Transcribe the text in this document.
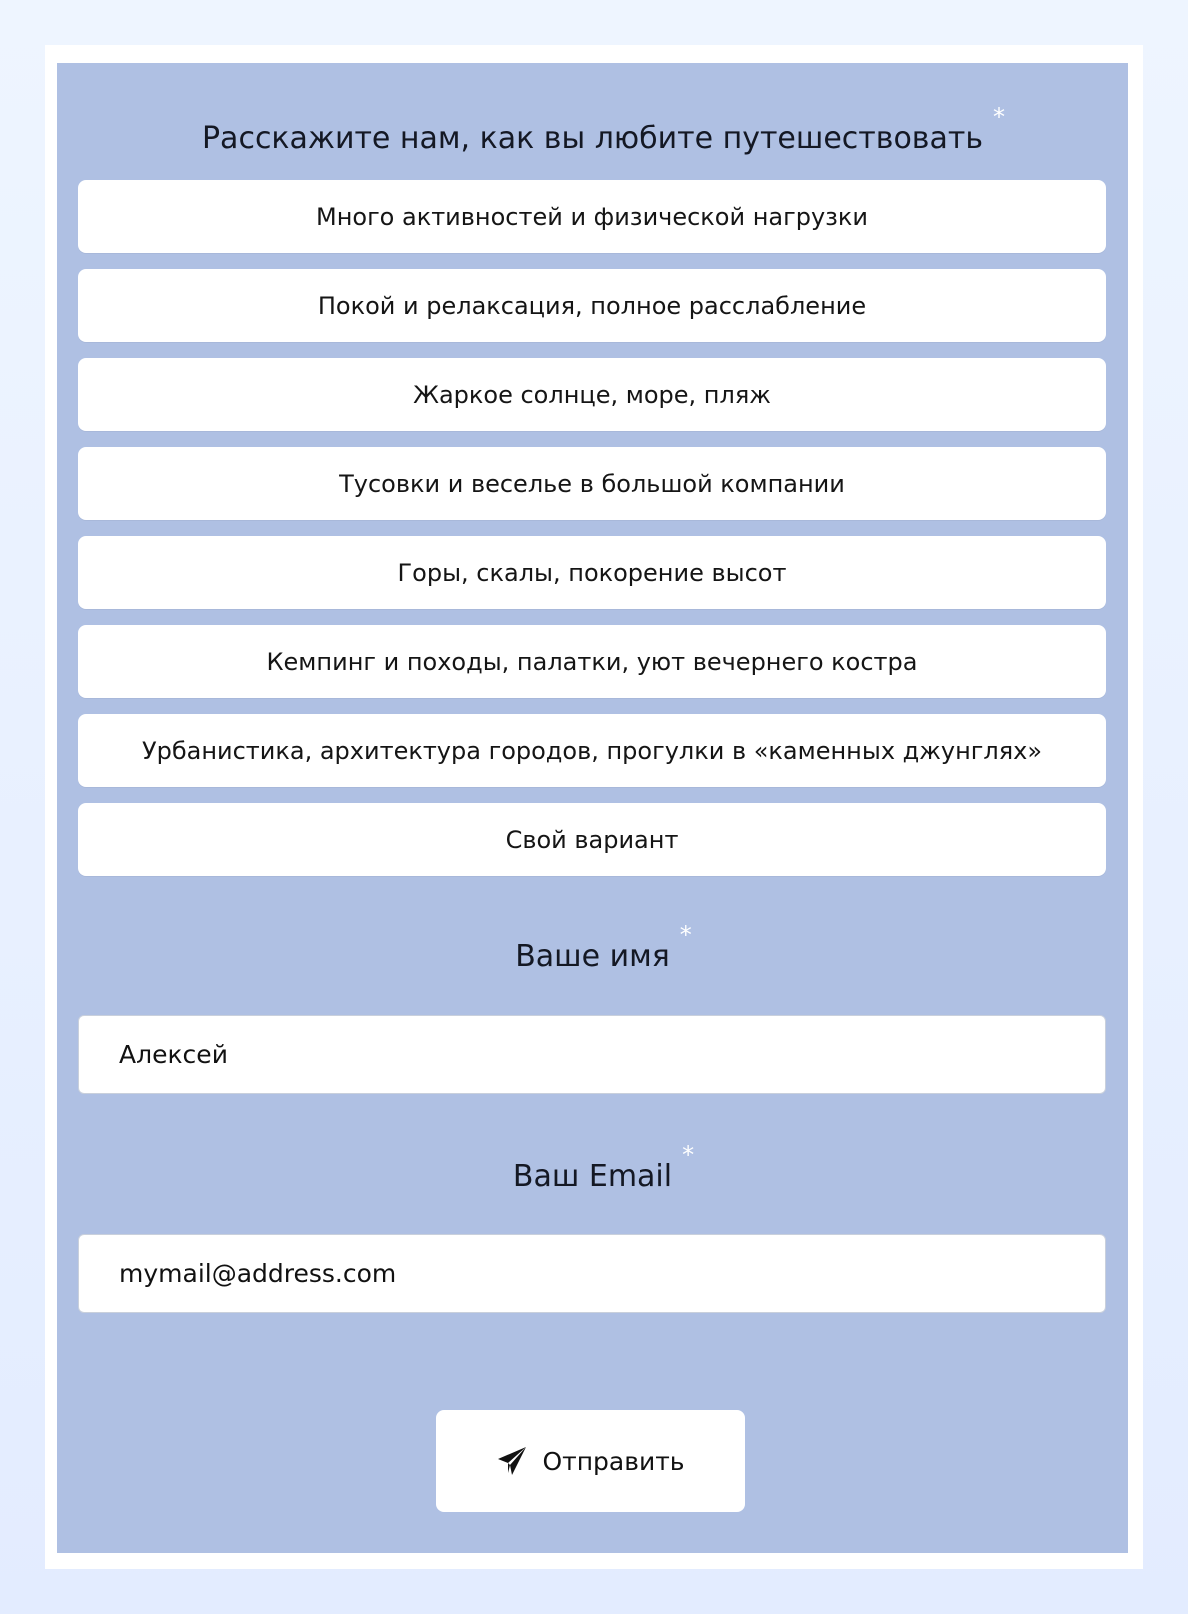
Расскажите нам, как вы любите путешествовать
*
Много активностей и физической нагрузки
Покой и релаксация, полное расслабление
Жаркое солнце, море, пляж
Тусовки и веселье в большой компании
Горы, скалы, покорение высот
Кемпинг и походы, палатки, уют вечернего костра
Урбанистика, архитектура городов, прогулки в «каменных джунглях»
Свой вариант
Ваше имя
*
Алексей
Ваш Email
*
mymail@address.com
Отправить
